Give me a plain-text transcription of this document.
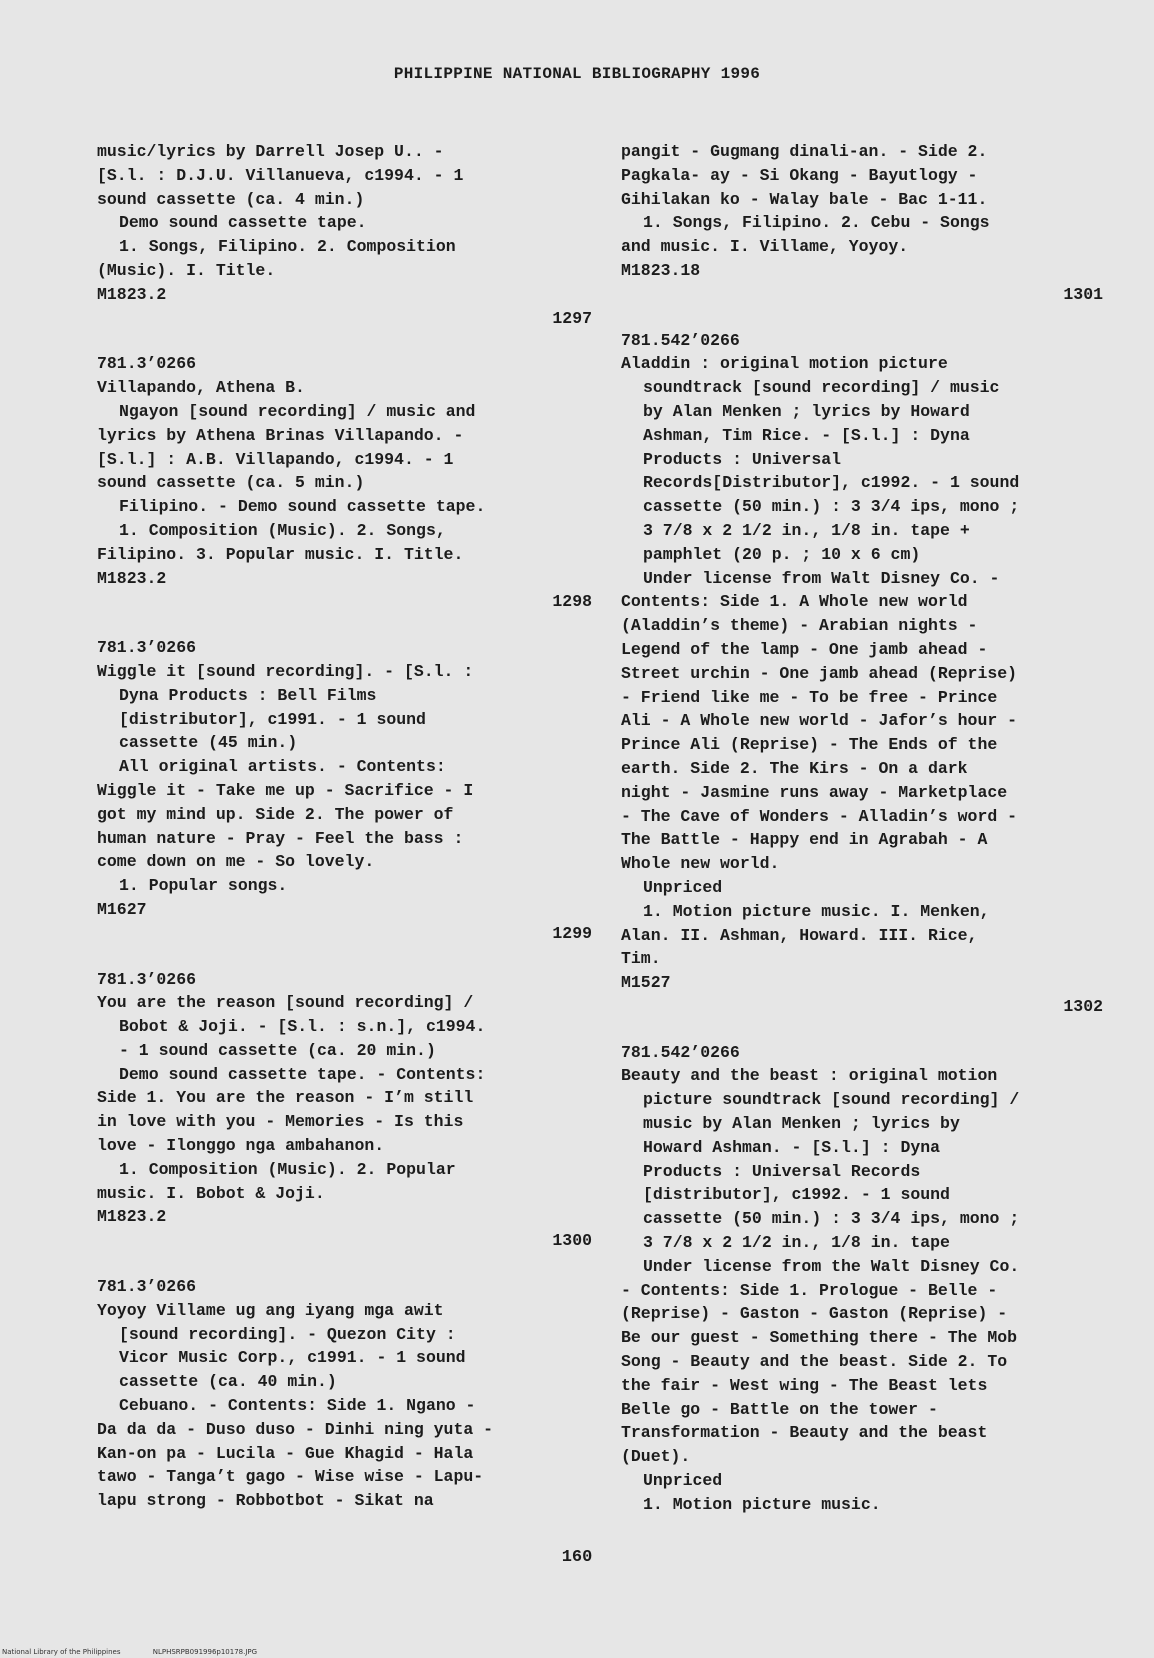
PHILIPPINE NATIONAL BIBLIOGRAPHY 1996
music/lyrics by Darrell Josep U.. -
[S.l. : D.J.U. Villanueva, c1994. - 1
sound cassette (ca. 4 min.)
Demo sound cassette tape.
1. Songs, Filipino. 2. Composition
(Music). I. Title.
M1823.2
1297
781.3’0266
Villapando, Athena B.
Ngayon [sound recording] / music and
lyrics by Athena Brinas Villapando. -
[S.l.] : A.B. Villapando, c1994. - 1
sound cassette (ca. 5 min.)
Filipino. - Demo sound cassette tape.
1. Composition (Music). 2. Songs,
Filipino. 3. Popular music. I. Title.
M1823.2
1298
781.3’0266
Wiggle it [sound recording]. - [S.l. :
Dyna Products : Bell Films
[distributor], c1991. - 1 sound
cassette (45 min.)
All original artists. - Contents:
Wiggle it - Take me up - Sacrifice - I
got my mind up. Side 2. The power of
human nature - Pray - Feel the bass :
come down on me - So lovely.
1. Popular songs.
M1627
1299
781.3’0266
You are the reason [sound recording] /
Bobot & Joji. - [S.l. : s.n.], c1994.
- 1 sound cassette (ca. 20 min.)
Demo sound cassette tape. - Contents:
Side 1. You are the reason - I’m still
in love with you - Memories - Is this
love - Ilonggo nga ambahanon.
1. Composition (Music). 2. Popular
music. I. Bobot & Joji.
M1823.2
1300
781.3’0266
Yoyoy Villame ug ang iyang mga awit
[sound recording]. - Quezon City :
Vicor Music Corp., c1991. - 1 sound
cassette (ca. 40 min.)
Cebuano. - Contents: Side 1. Ngano -
Da da da - Duso duso - Dinhi ning yuta -
Kan-on pa - Lucila - Gue Khagid - Hala
tawo - Tanga’t gago - Wise wise - Lapu-
lapu strong - Robbotbot - Sikat na
pangit - Gugmang dinali-an. - Side 2.
Pagkala- ay - Si Okang - Bayutlogy -
Gihilakan ko - Walay bale - Bac 1-11.
1. Songs, Filipino. 2. Cebu - Songs
and music. I. Villame, Yoyoy.
M1823.18
1301
781.542’0266
Aladdin : original motion picture
soundtrack [sound recording] / music
by Alan Menken ; lyrics by Howard
Ashman, Tim Rice. - [S.l.] : Dyna
Products : Universal
Records[Distributor], c1992. - 1 sound
cassette (50 min.) : 3 3/4 ips, mono ;
3 7/8 x 2 1/2 in., 1/8 in. tape +
pamphlet (20 p. ; 10 x 6 cm)
Under license from Walt Disney Co. -
Contents: Side 1. A Whole new world
(Aladdin’s theme) - Arabian nights -
Legend of the lamp - One jamb ahead -
Street urchin - One jamb ahead (Reprise)
- Friend like me - To be free - Prince
Ali - A Whole new world - Jafor’s hour -
Prince Ali (Reprise) - The Ends of the
earth. Side 2. The Kirs - On a dark
night - Jasmine runs away - Marketplace
- The Cave of Wonders - Alladin’s word -
The Battle - Happy end in Agrabah - A
Whole new world.
Unpriced
1. Motion picture music. I. Menken,
Alan. II. Ashman, Howard. III. Rice,
Tim.
M1527
1302
781.542’0266
Beauty and the beast : original motion
picture soundtrack [sound recording] /
music by Alan Menken ; lyrics by
Howard Ashman. - [S.l.] : Dyna
Products : Universal Records
[distributor], c1992. - 1 sound
cassette (50 min.) : 3 3/4 ips, mono ;
3 7/8 x 2 1/2 in., 1/8 in. tape
Under license from the Walt Disney Co.
- Contents: Side 1. Prologue - Belle -
(Reprise) - Gaston - Gaston (Reprise) -
Be our guest - Something there - The Mob
Song - Beauty and the beast. Side 2. To
the fair - West wing - The Beast lets
Belle go - Battle on the tower -
Transformation - Beauty and the beast
(Duet).
Unpriced
1. Motion picture music.
160
National Library of the Philippines	NLPHSRPB091996p10178.JPG
